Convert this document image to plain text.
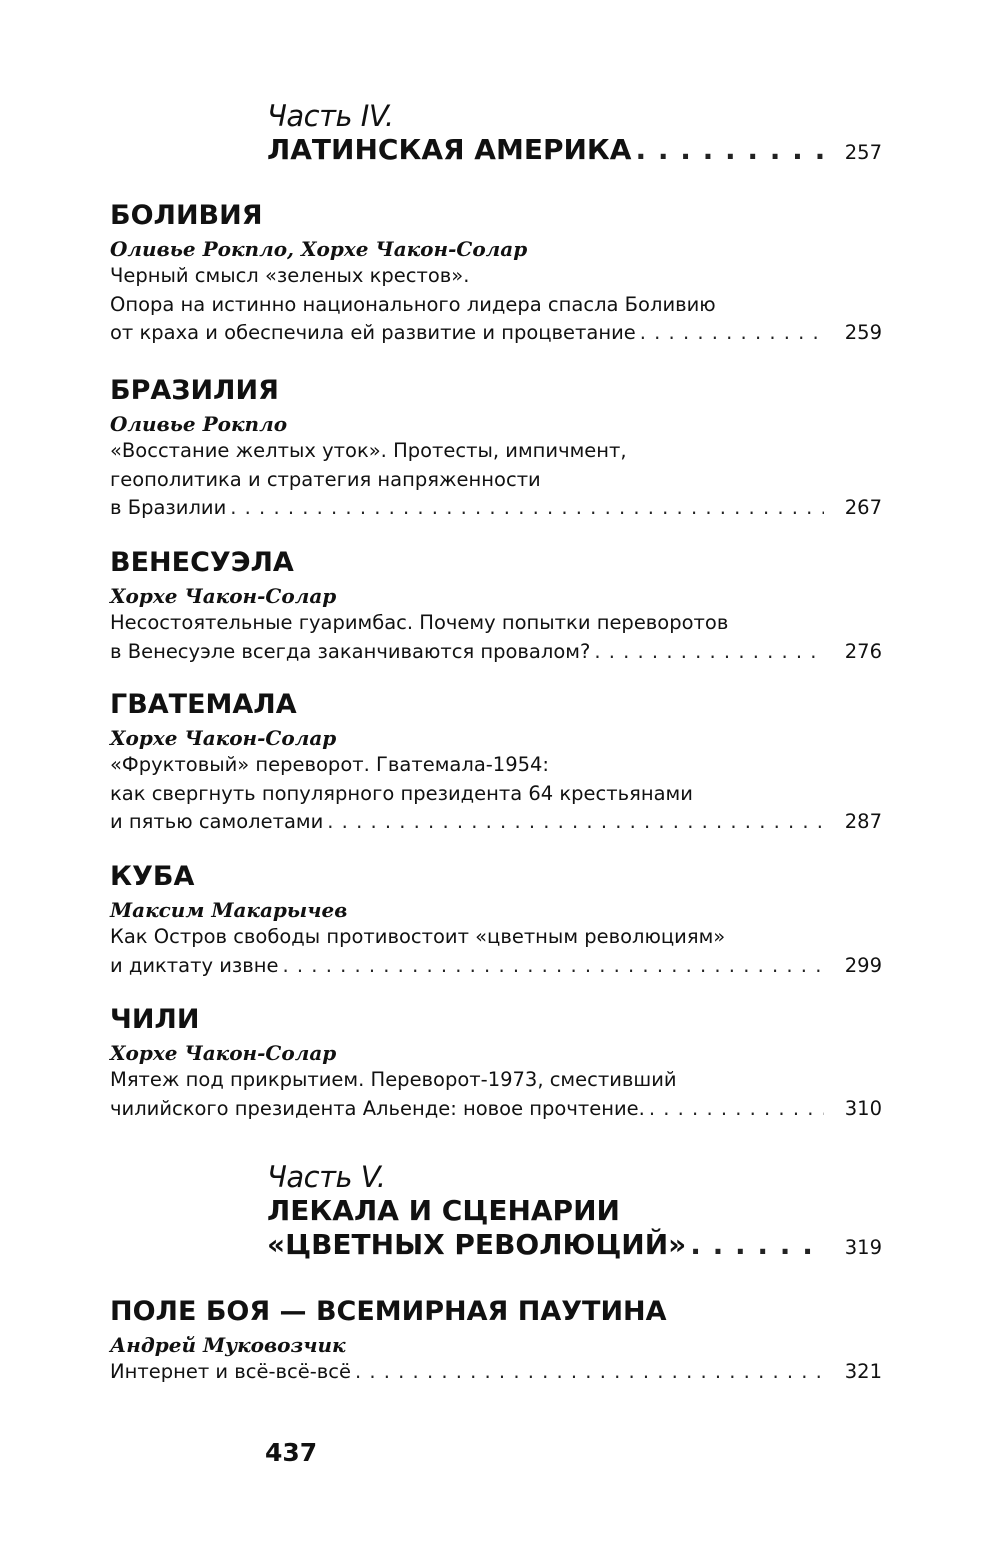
Часть IV.
ЛАТИНСКАЯ АМЕРИКА . . .	257
БОЛИВИЯ
Оливье Рокпло, Хорхе Чакон-Солар
Черный смысл «зеленых крестов».
Опора на истинно национального лидера спасла Боливию
от краха и обеспечила ей развитие и процветание . . .	259
БРАЗИЛИЯ
Оливье Рокпло
«Восстание желтых уток». Протесты, импичмент,
геополитика и стратегия напряженности
в Бразилии . . .	267
ВЕНЕСУЭЛА
Хорхе Чакон-Солар
Несостоятельные гуаримбас. Почему попытки переворотов
в Венесуэле всегда заканчиваются провалом? . . .	276
ГВАТЕМАЛА
Хорхе Чакон-Солар
«Фруктовый» переворот. Гватемала-1954:
как свергнуть популярного президента 64 крестьянами
и пятью самолетами . . .	287
КУБА
Максим Макарычев
Как Остров свободы противостоит «цветным революциям»
и диктату извне . . .	299
ЧИЛИ
Хорхе Чакон-Солар
Мятеж под прикрытием. Переворот-1973, сместивший
чилийского президента Альенде: новое прочтение. . . .	310
Часть V.
ЛЕКАЛА И СЦЕНАРИИ
«ЦВЕТНЫХ РЕВОЛЮЦИЙ» . . .	319
ПОЛЕ БОЯ — ВСЕМИРНАЯ ПАУТИНА
Андрей Муковозчик
Интернет и всё-всё-всё . . .	321
437
